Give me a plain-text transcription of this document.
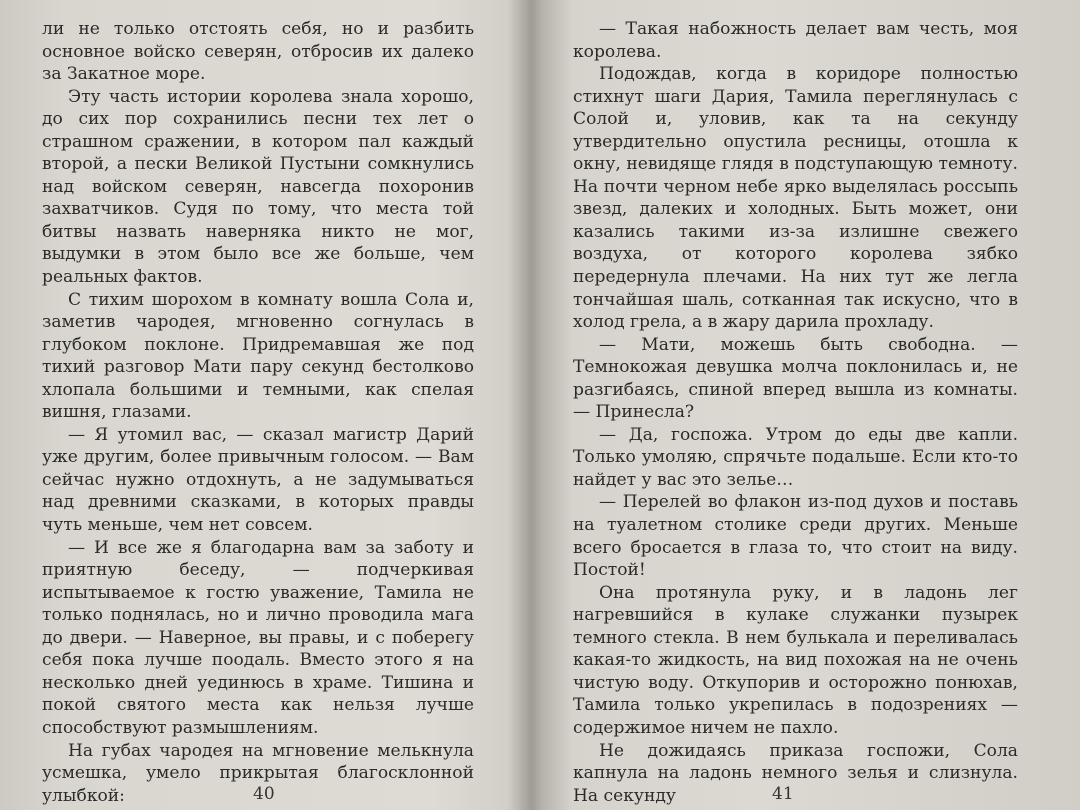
ли не только отстоять себя, но и разбить основное войско северян, отбросив их далеко за Закатное море.

Эту часть истории королева знала хорошо, до сих пор сохранились песни тех лет о страшном сражении, в котором пал каждый второй, а пески Великой Пустыни сомкнулись над войском северян, навсегда похоронив захватчиков. Судя по тому, что места той битвы назвать наверняка никто не мог, выдумки в этом было все же больше, чем реальных фактов.

С тихим шорохом в комнату вошла Сола и, заметив чародея, мгновенно согнулась в глубоком поклоне. Придремавшая же под тихий разговор Мати пару секунд бестолково хлопала большими и темными, как спелая вишня, глазами.

— Я утомил вас, — сказал магистр Дарий уже другим, более привычным голосом. — Вам сейчас нужно отдохнуть, а не задумываться над древними сказками, в которых правды чуть меньше, чем нет совсем.

— И все же я благодарна вам за заботу и приятную беседу, — подчеркивая испытываемое к гостю уважение, Тамила не только поднялась, но и лично проводила мага до двери. — Наверное, вы правы, и с поберегу себя пока лучше поодаль. Вместо этого я на несколько дней уединюсь в храме. Тишина и покой святого места как нельзя лучше способствуют размышлениям.

На губах чародея на мгновение мелькнула усмешка, умело прикрытая благосклонной улыбкой:	40

— Такая набожность делает вам честь, моя королева.

Подождав, когда в коридоре полностью стихнут шаги Дария, Тамила переглянулась с Солой и, уловив, как та на секунду утвердительно опустила ресницы, отошла к окну, невидяще глядя в подступающую темноту. На почти черном небе ярко выделялась россыпь звезд, далеких и холодных. Быть может, они казались такими из-за излишне свежего воздуха, от которого королева зябко передернула плечами. На них тут же легла тончайшая шаль, сотканная так искусно, что в холод грела, а в жару дарила прохладу.

— Мати, можешь быть свободна. — Темнокожая девушка молча поклонилась и, не разгибаясь, спиной вперед вышла из комнаты. — Принесла?

— Да, госпожа. Утром до еды две капли. Только умоляю, спрячьте подальше. Если кто-то найдет у вас это зелье…

— Перелей во флакон из-под духов и поставь на туалетном столике среди других. Меньше всего бросается в глаза то, что стоит на виду. Постой!

Она протянула руку, и в ладонь лег нагревшийся в кулаке служанки пузырек темного стекла. В нем булькала и переливалась какая-то жидкость, на вид похожая на не очень чистую воду. Откупорив и осторожно понюхав, Тамила только укрепилась в подозрениях — содержимое ничем не пахло.

Не дожидаясь приказа госпожи, Сола капнула на ладонь немного зелья и слизнула. На секунду	41
